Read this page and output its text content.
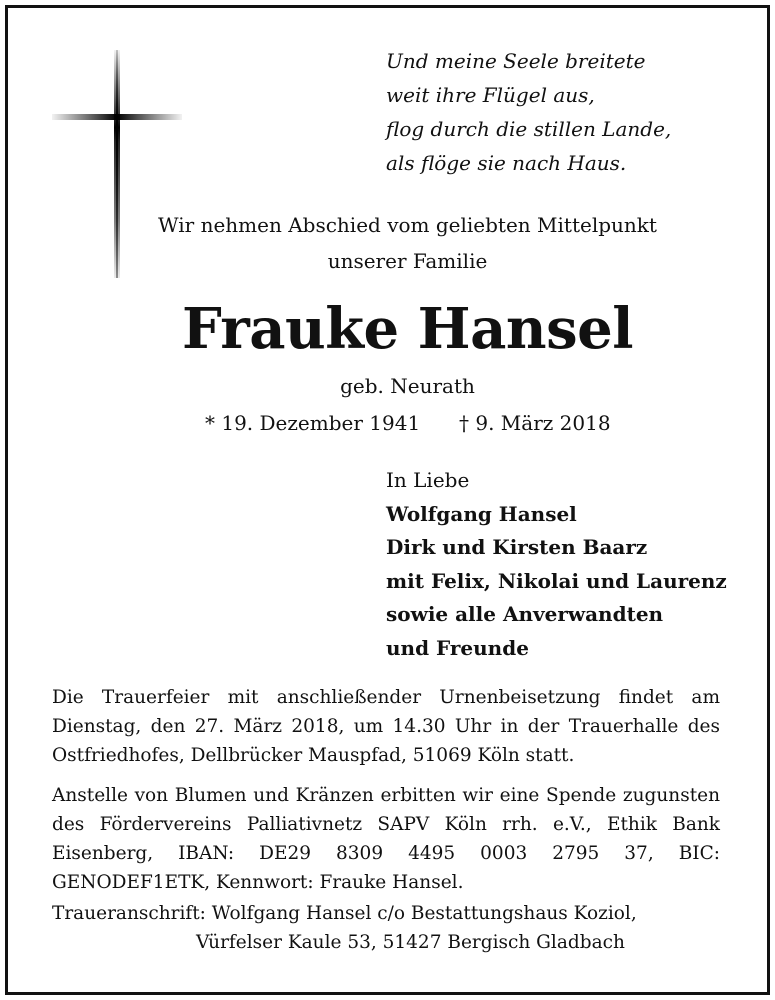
Und meine Seele breitete
weit ihre Flügel aus,
flog durch die stillen Lande,
als flöge sie nach Haus.
Wir nehmen Abschied vom geliebten Mittelpunkt
unserer Familie
Frauke Hansel
geb. Neurath
* 19. Dezember 1941 † 9. März 2018
In Liebe
Wolfgang Hansel
Dirk und Kirsten Baarz
mit Felix, Nikolai und Laurenz
sowie alle Anverwandten
und Freunde
Die Trauerfeier mit anschließender Urnenbeisetzung findet am Dienstag, den 27. März 2018, um 14.30 Uhr in der Trauerhalle des Ostfriedhofes, Dellbrücker Mauspfad, 51069 Köln statt.
Anstelle von Blumen und Kränzen erbitten wir eine Spende zugunsten des Fördervereins Palliativnetz SAPV Köln rrh. e.V., Ethik Bank Eisenberg, IBAN: DE29 8309 4495 0003 2795 37, BIC: GENODEF1ETK, Kennwort: Frauke Hansel.
Traueranschrift: Wolfgang Hansel c/o Bestattungshaus Koziol,
Vürfelser Kaule 53, 51427 Bergisch Gladbach
